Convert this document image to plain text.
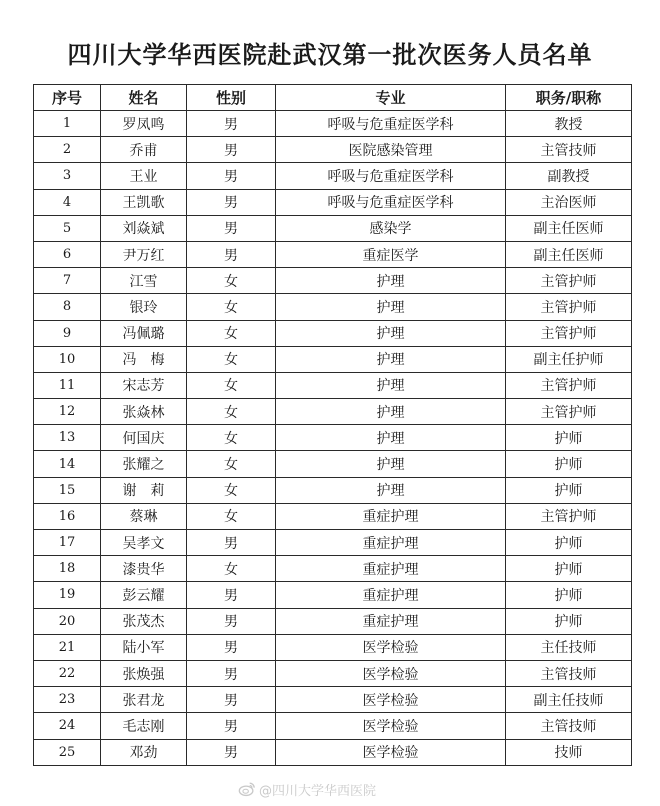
四川大学华西医院赴武汉第一批次医务人员名单
序号	姓名	性别	专业	职务/职称
1	罗凤鸣	男	呼吸与危重症医学科	教授
2	乔甫	男	医院感染管理	主管技师
3	王业	男	呼吸与危重症医学科	副教授
4	王凯歌	男	呼吸与危重症医学科	主治医师
5	刘焱斌	男	感染学	副主任医师
6	尹万红	男	重症医学	副主任医师
7	江雪	女	护理	主管护师
8	银玲	女	护理	主管护师
9	冯佩璐	女	护理	主管护师
10	冯　梅	女	护理	副主任护师
11	宋志芳	女	护理	主管护师
12	张焱林	女	护理	主管护师
13	何国庆	女	护理	护师
14	张耀之	女	护理	护师
15	谢　莉	女	护理	护师
16	蔡琳	女	重症护理	主管护师
17	吴孝文	男	重症护理	护师
18	漆贵华	女	重症护理	护师
19	彭云耀	男	重症护理	护师
20	张茂杰	男	重症护理	护师
21	陆小军	男	医学检验	主任技师
22	张焕强	男	医学检验	主管技师
23	张君龙	男	医学检验	副主任技师
24	毛志刚	男	医学检验	主管技师
25	邓劲	男	医学检验	技师
@四川大学华西医院
